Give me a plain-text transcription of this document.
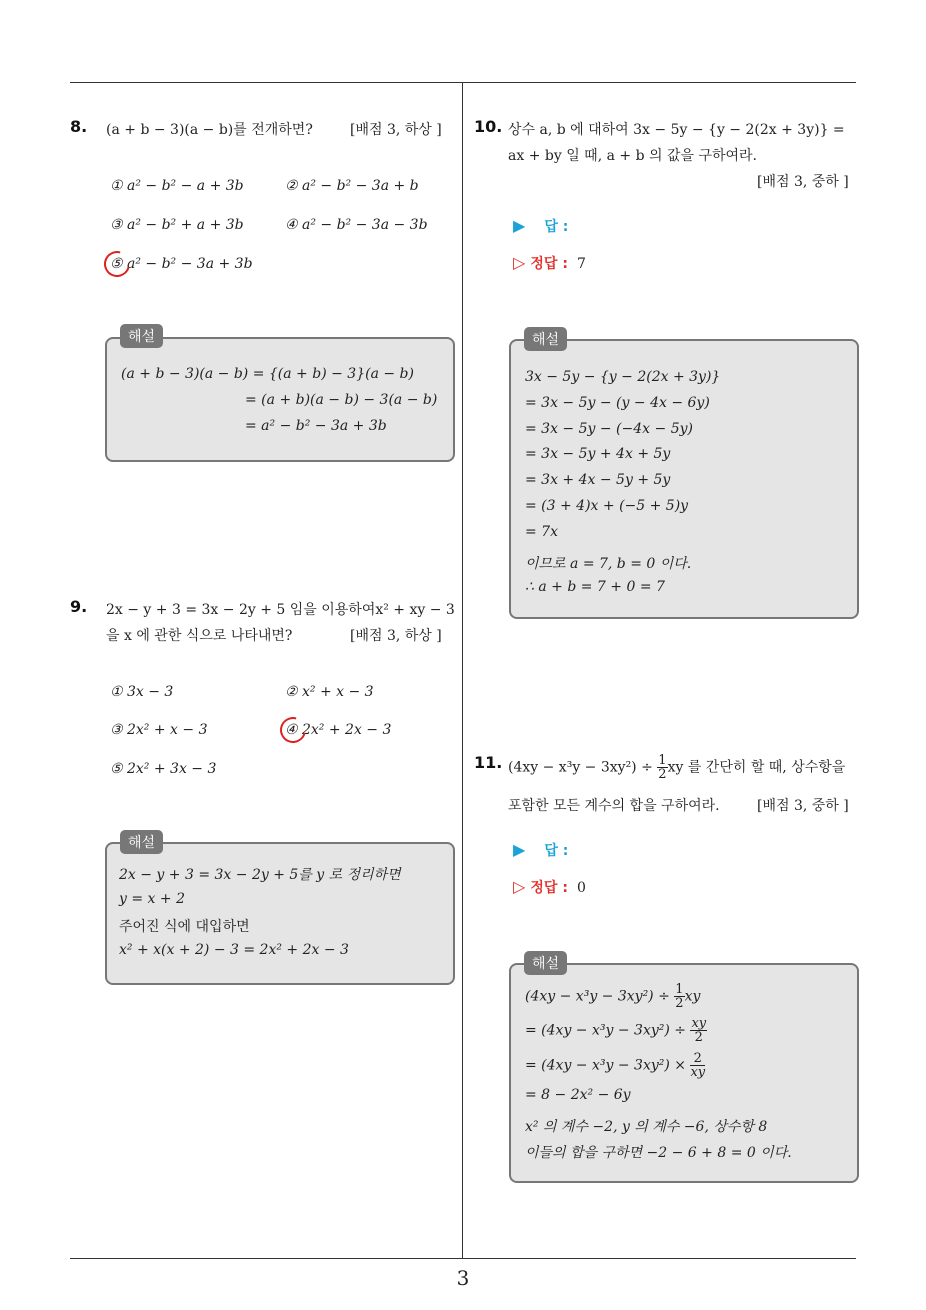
8. (a + b − 3)(a − b)를 전개하면?	[배점 3, 하상 ]
① a² − b² − a + 3b	② a² − b² − 3a + b
③ a² − b² + a + 3b	④ a² − b² − 3a − 3b
⑤ a² − b² − 3a + 3b
(a + b − 3)(a − b) = {(a + b) − 3}(a − b)
= (a + b)(a − b) − 3(a − b)
= a² − b² − 3a + 3b
해설
9. 2x − y + 3 = 3x − 2y + 5 임을 이용하여x² + xy − 3
을 x 에 관한 식으로 나타내면?	[배점 3, 하상 ]
① 3x − 3	② x² + x − 3
③ 2x² + x − 3	④ 2x² + 2x − 3
⑤ 2x² + 3x − 3
2x − y + 3 = 3x − 2y + 5를 y 로 정리하면
y = x + 2
주어진 식에 대입하면
x² + x(x + 2) − 3 = 2x² + 2x − 3
해설
10. 상수 a, b 에 대하여 3x − 5y − {y − 2(2x + 3y)} =
ax + by 일 때, a + b 의 값을 구하여라.
[배점 3, 중하 ]
▶ 답 :
▷ 정답 : 7
3x − 5y − {y − 2(2x + 3y)}
= 3x − 5y − (y − 4x − 6y)
= 3x − 5y − (−4x − 5y)
= 3x − 5y + 4x + 5y
= 3x + 4x − 5y + 5y
= (3 + 4)x + (−5 + 5)y
= 7x
이므로 a = 7, b = 0 이다.
∴ a + b = 7 + 0 = 7
해설
11. $(4xy - x^3y - 3xy^2) \div \frac{1}{2}$ xy 를 간단히 할 때, 상수항을
포함한 모든 계수의 합을 구하여라.	[배점 3, 중하 ]
▶ 답 :
▷ 정답 : 0
$(4xy - x^3y - 3xy^2) \div \frac{1}{2}$ xy
= $(4xy - x^3y - 3xy^2) \div \frac{xy}{2}$
= $(4xy - x^3y - 3xy^2) \times \frac{2}{xy}$
= 8 − 2x² − 6y
x² 의 계수 −2, y 의 계수 −6, 상수항 8
이들의 합을 구하면 −2 − 6 + 8 = 0 이다.
해설
3
